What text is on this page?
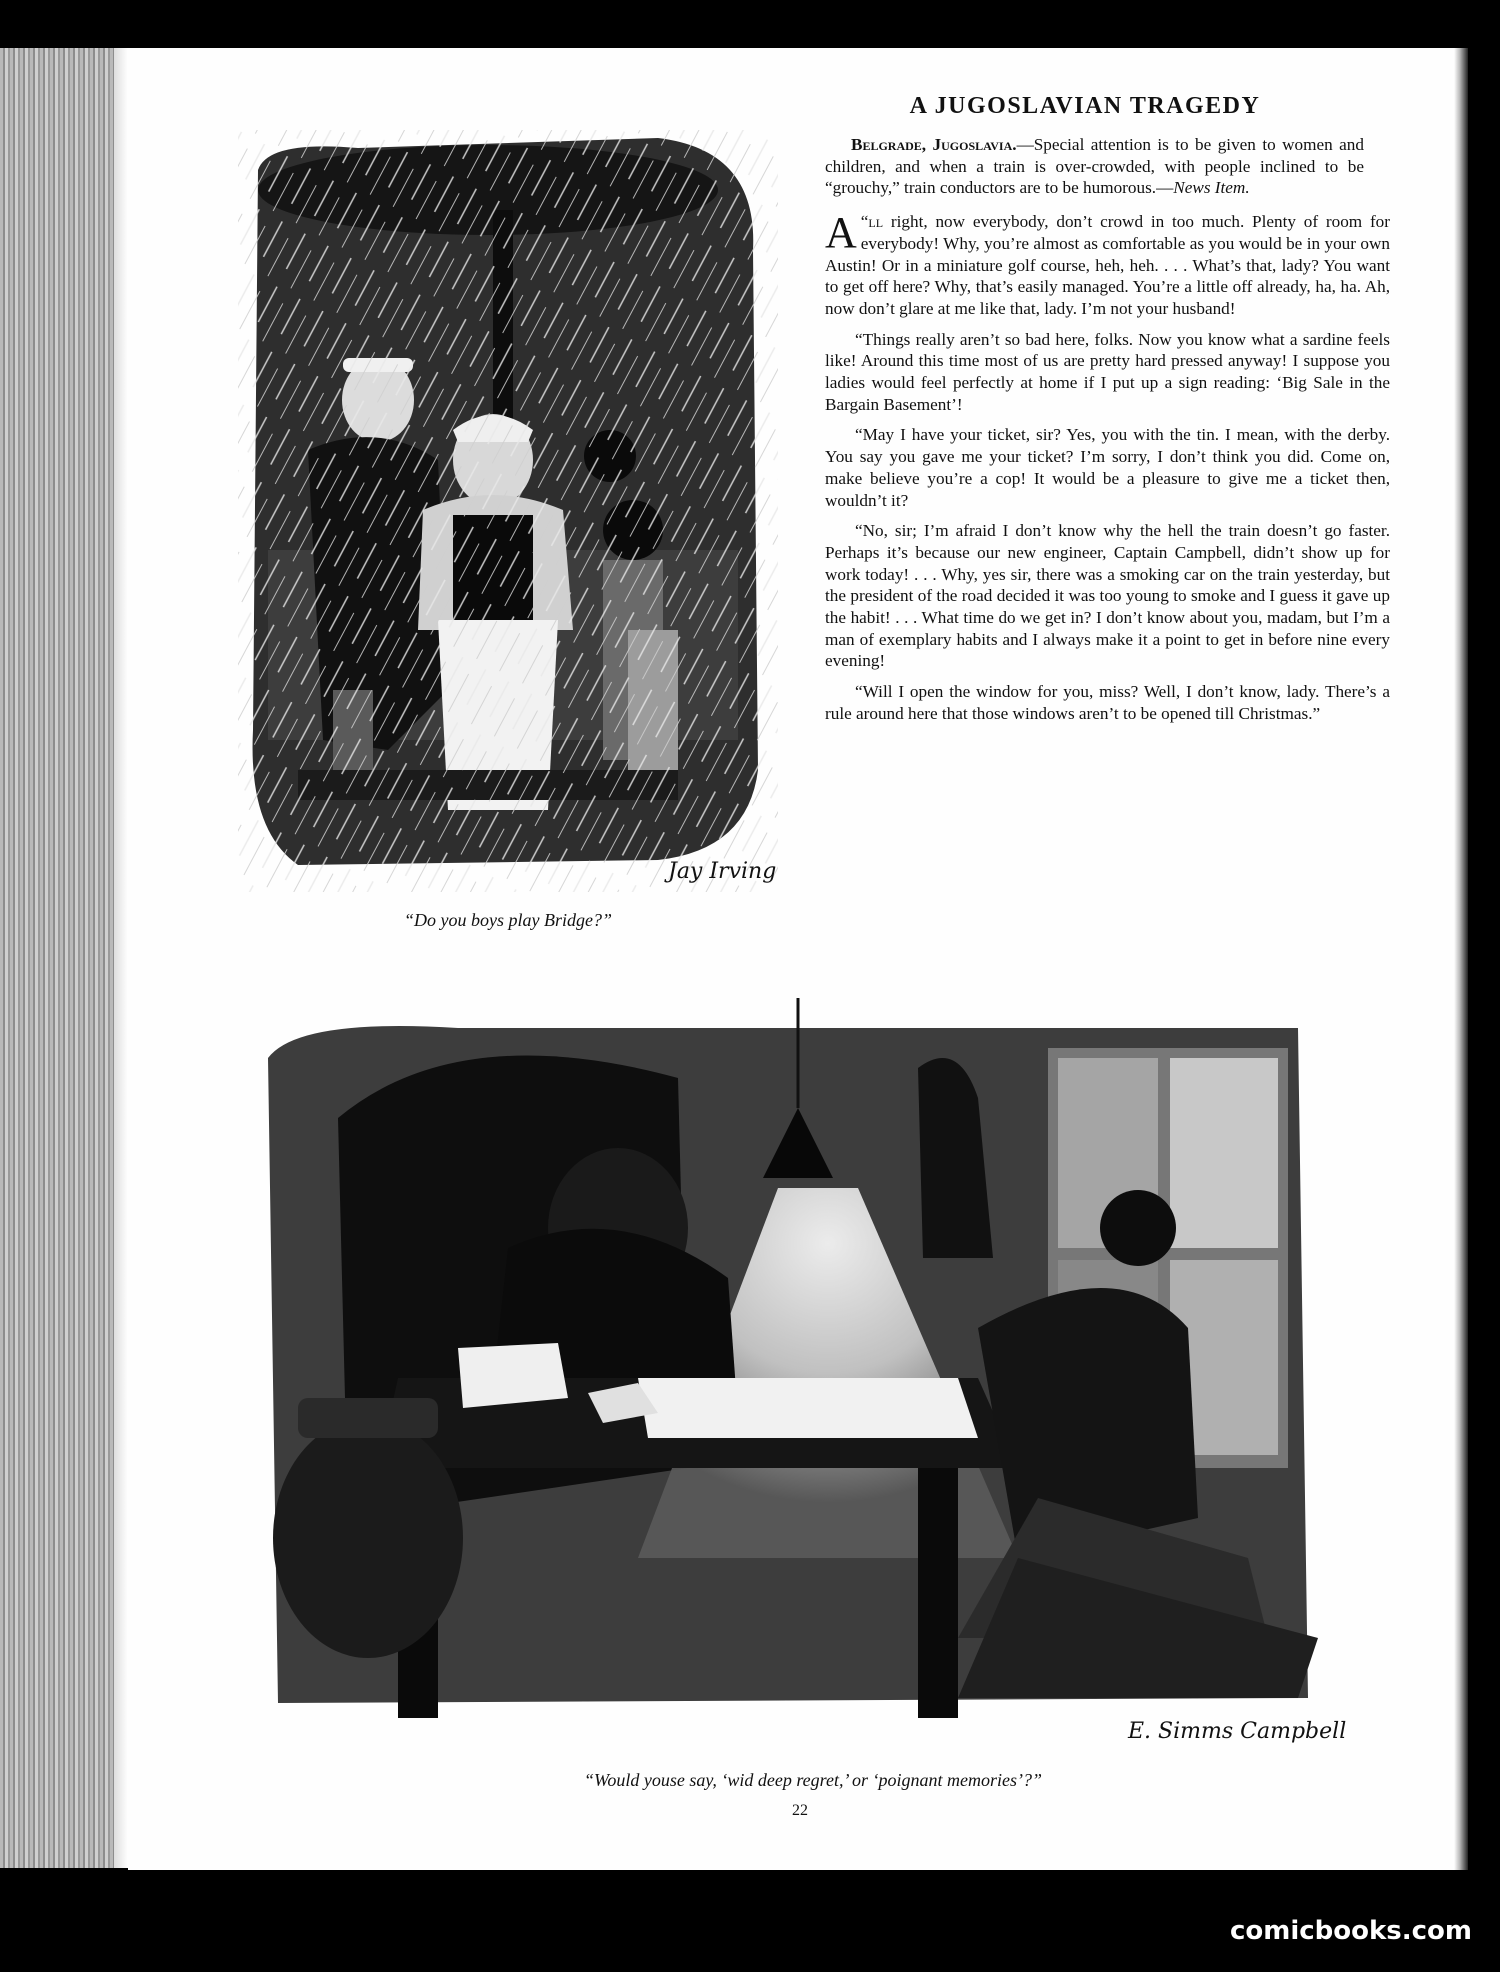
Jay Irving
“Do you boys play Bridge?”
A JUGOSLAVIAN TRAGEDY

Belgrade, Jugoslavia.—Special attention is to be given to women and children, and when a train is over-crowded, with people inclined to be “grouchy,” train conductors are to be humorous.—News Item.

“
A ll right, now everybody, don’t crowd in too much. Plenty of room for everybody! Why, you’re almost as comfortable as you would be in your own Austin! Or in a miniature golf course, heh, heh. . . . What’s that, lady? You want to get off here? Why, that’s easily managed. You’re a little off already, ha, ha. Ah, now don’t glare at me like that, lady. I’m not your husband!

“Things really aren’t so bad here, folks. Now you know what a sardine feels like! Around this time most of us are pretty hard pressed anyway! I suppose you ladies would feel perfectly at home if I put up a sign reading: ‘Big Sale in the Bargain Basement’!

“May I have your ticket, sir? Yes, you with the tin. I mean, with the derby. You say you gave me your ticket? I’m sorry, I don’t think you did. Come on, make believe you’re a cop! It would be a pleasure to give me a ticket then, wouldn’t it?

“No, sir; I’m afraid I don’t know why the hell the train doesn’t go faster. Perhaps it’s because our new engineer, Captain Campbell, didn’t show up for work today! . . . Why, yes sir, there was a smoking car on the train yesterday, but the president of the road decided it was too young to smoke and I guess it gave up the habit! . . . What time do we get in? I don’t know about you, madam, but I’m a man of exemplary habits and I always make it a point to get in before nine every evening!

“Will I open the window for you, miss? Well, I don’t know, lady. There’s a rule around here that those windows aren’t to be opened till Christmas.”

E. Simms Campbell
“Would youse say, ‘wid deep regret,’ or ‘poignant memories’?”
22
comicbooks.com
